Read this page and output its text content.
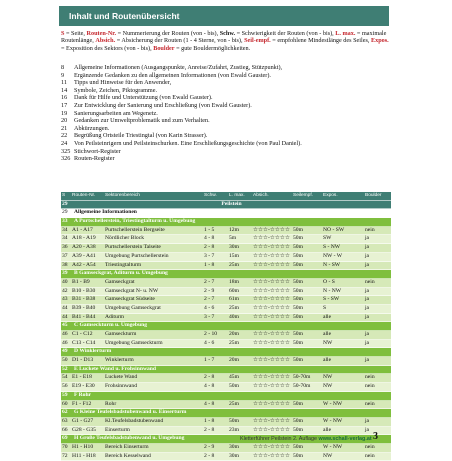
Inhalt und Routenübersicht
S = Seite, Routen-Nr. = Nummerierung der Routen (von - bis), Schw. = Schwierigkeit der Routen (von - bis), L. max. = maximale Routenlänge, Absich. = Absicherung der Routen (1 - 4 Sterne, von - bis), Seil-empf. = empfohlene Mindestlänge des Seiles, Expos. = Exposition des Sektors (von - bis), Boulder = gute Bouldermöglichkeiten.
8 Allgemeine Informationen (Ausgangspunkte, Anreise/Zufahrt, Zustieg, Stützpunkt),
9 Ergänzende Gedanken zu den allgemeinen Informationen (von Ewald Gauster).
11 Tipps und Hinweise für den Anwender,
14 Symbole, Zeichen, Piktogramme.
16 Dank für Hilfe und Unterstützung (von Ewald Gauster).
17 Zur Entwicklung der Sanierung und Erschließung (von Ewald Gauster).
19 Sanierungsarbeiten am Wegenetz.
20 Gedanken zur Umweltproblematik und zum Verhalten.
21 Abkürzungen.
22 Begrüßung Ortsteile Triestingtal (von Karin Strasser).
24 Von Peilsteinrigern und Peilsteinschurken. Eine Erschließungsgeschichte (von Paul Daniel).
325 Stichwort-Register
326 Routen-Register
S	Routen-Nr.	Sektorenbereich	Schw.	L. max.	Absich.	Seilempf.	Expos.	Boulder
29	Peilstein
29	Allgemeine Informationen
33	A Purtschellerstein, Triestingtalturm u. Umgebung
34 A1 - A17	Purtschellerstein Bergseite	1 - 5	12m	☆☆☆-☆☆☆☆ 50m	NO - SW	nein
34 A18 - A19	Nördlicher Block	4 - 8	5m	☆☆☆-☆☆☆☆ 50m	SW	ja
36 A20 - A38	Purtschellerstein Talseite	2 - 8	30m	☆☆☆-☆☆☆☆ 50m	S - NW	ja
37 A39 - A41	Umgebung Purtschellerstein	3 - 7	15m	☆☆☆-☆☆☆☆ 50m	NW - W	ja
38 A42 - A54	Triestingtalturm	1 - 8	25m	☆☆☆-☆☆☆☆ 50m	N - SW	ja
39	B Gamseckgrat, Aditurm u. Umgebung
40 B1 - B9	Gamseckgrat	2 - 7	18m	☆☆☆-☆☆☆☆ 50m	O - S	nein
42 B10 - B30	Gamseckgrat N- u. NW	2 - 9	60m	☆☆☆-☆☆☆☆ 50m	N - NW	ja
43 B31 - B38	Gamseckgrat Südseite	2 - 7	61m	☆☆☆-☆☆☆☆ 50m	S - SW	ja
44 B39 - B40	Umgebung Gamseckgrat	4 - 6	25m	☆☆☆-☆☆☆☆ 50m	S	ja
44 B41 - B44	Aditurm	3 - 7	40m	☆☆☆-☆☆☆☆ 50m	alle	ja
45	C Gamseckturm u. Umgebung
46 C1 - C12	Gamseckturm	2 - 10	20m	☆☆☆-☆☆☆☆ 50m	alle	ja
46 C13 - C14	Umgebung Gamseckturm	4 - 6	25m	☆☆☆-☆☆☆☆ 50m	NW	ja
49	D Winklerturm
50 D1 - D13	Winklerturm	1 - 7	20m	☆☆☆-☆☆☆☆ 50m	alle	ja
52	E Luckete Wand u. Frohsinnwand
54 E1 - E18	Luckete Wand	2 - 8	45m	☆☆☆-☆☆☆☆ 50-70m	NW	nein
56 E19 - E30	Frohsinnwand	4 - 8	50m	☆☆☆-☆☆☆☆ 50-70m	NW	nein
59	F Rohr
60 F1 - F12	Rohr	4 - 8	25m	☆☆☆-☆☆☆☆ 50m	W - NW	nein
62	G Kleine Teufelsbadstubenwand u. Einserturm
63 G1 - G27	Kl.Teufelsbadstubenwand	1 - 8	50m	☆☆☆-☆☆☆☆ 50m	W - NW	ja
66 G28 - G35	Einserturm	2 - 8	23m	☆☆☆-☆☆☆☆ 50m	alle	ja
69	H Große Teufelsbadstubenwand u. Umgebung
70 H1 - H10	Bereich Einserturm	2 - 9	30m	☆☆☆-☆☆☆☆ 50m	W - NW	nein
72 H11 - H18	Bereich Kesselwand	2 - 8	30m	☆☆☆-☆☆☆☆ 50m	NW	nein
Kletterführer Peilstein 2. Auflage www.schall-verlag.at 3
